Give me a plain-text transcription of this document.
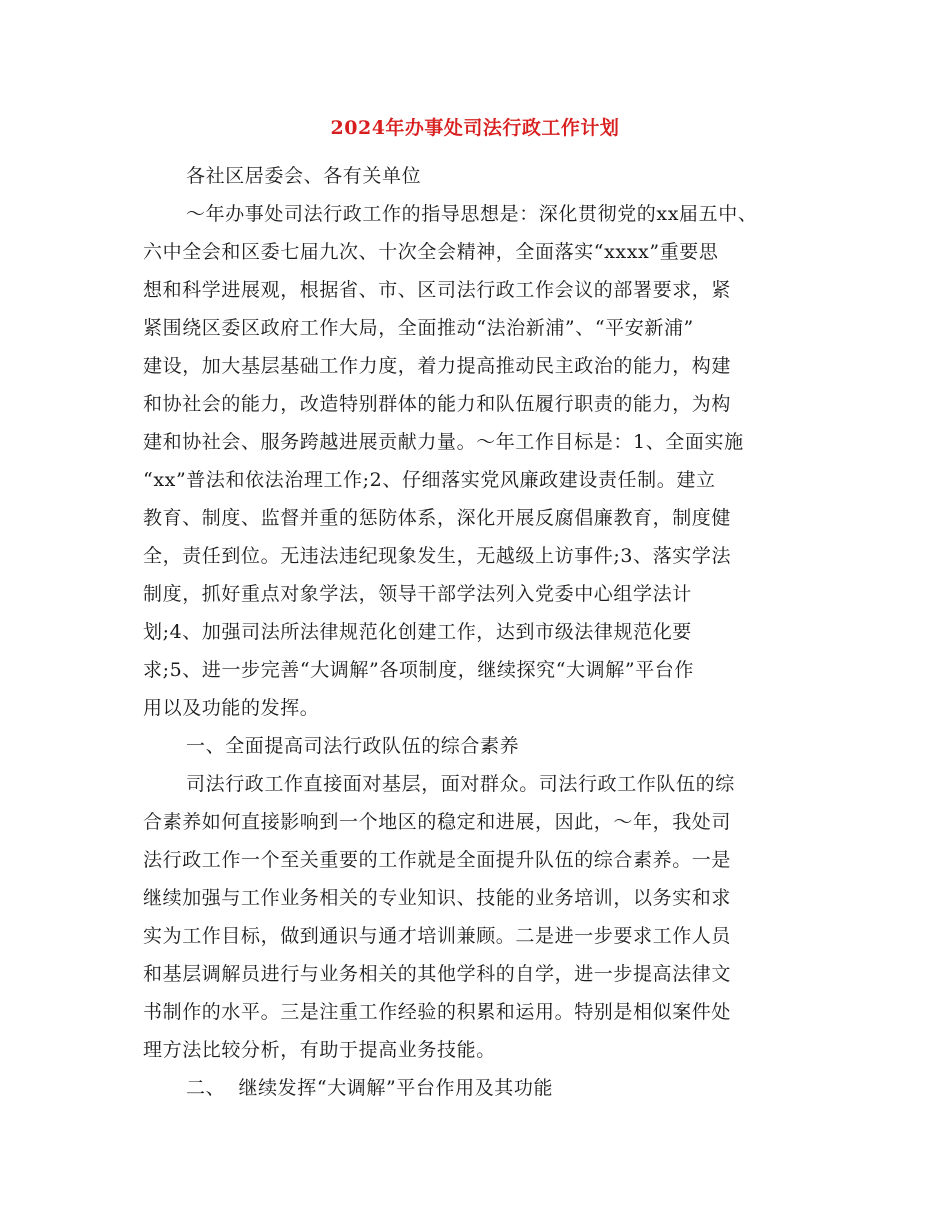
2024年办事处司法行政工作计划
各社区居委会、各有关单位
～年办事处司法行政工作的指导思想是：深化贯彻党的xx届五中、
六中全会和区委七届九次、十次全会精神，全面落实“xxxx”重要思
想和科学进展观，根据省、市、区司法行政工作会议的部署要求，紧
紧围绕区委区政府工作大局，全面推动“法治新浦”、“平安新浦”
建设，加大基层基础工作力度，着力提高推动民主政治的能力，构建
和协社会的能力，改造特别群体的能力和队伍履行职责的能力，为构
建和协社会、服务跨越进展贡献力量。～年工作目标是：1、全面实施
“xx”普法和依法治理工作;2、仔细落实党风廉政建设责任制。建立
教育、制度、监督并重的惩防体系，深化开展反腐倡廉教育，制度健
全，责任到位。无违法违纪现象发生，无越级上访事件;3、落实学法
制度，抓好重点对象学法，领导干部学法列入党委中心组学法计
划;4、加强司法所法律规范化创建工作，达到市级法律规范化要
求;5、进一步完善“大调解”各项制度，继续探究“大调解”平台作
用以及功能的发挥。
一、全面提高司法行政队伍的综合素养
司法行政工作直接面对基层，面对群众。司法行政工作队伍的综
合素养如何直接影响到一个地区的稳定和进展，因此，～年，我处司
法行政工作一个至关重要的工作就是全面提升队伍的综合素养。一是
继续加强与工作业务相关的专业知识、技能的业务培训，以务实和求
实为工作目标，做到通识与通才培训兼顾。二是进一步要求工作人员
和基层调解员进行与业务相关的其他学科的自学，进一步提高法律文
书制作的水平。三是注重工作经验的积累和运用。特别是相似案件处
理方法比较分析，有助于提高业务技能。
二、  继续发挥“大调解”平台作用及其功能
